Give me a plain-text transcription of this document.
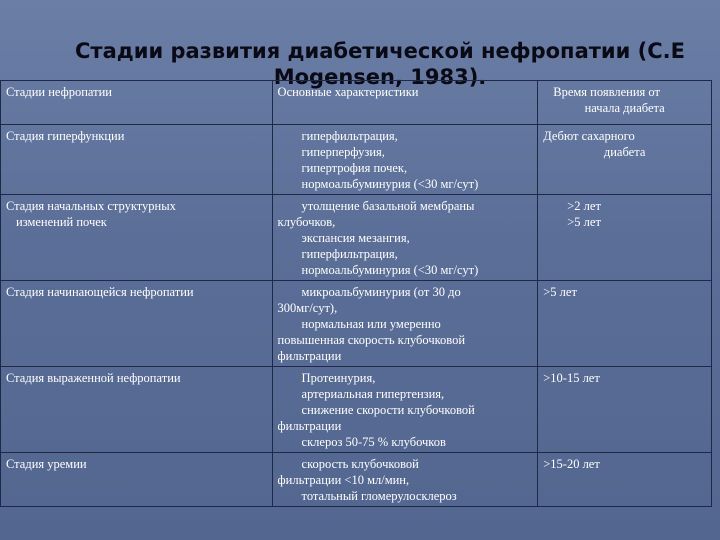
Стадии развития диабетической нефропатии (C.E Mogensen, 1983).
Стадии нефропатии	Основные характеристики	Время появления от
начала диабета

Стадия гиперфункции	гиперфильтрация,
гиперперфузия,
гипертрофия почек,
нормоальбуминурия (<30 мг/сут)	Дебют сахарного
диабета

Стадия начальных структурных
изменений почек	утолщение базальной мембраны
клубочков,
экспансия мезангия,
гиперфильтрация,
нормоальбуминурия (<30 мг/сут)	>2 лет
>5 лет

Стадия начинающейся нефропатии	микроальбуминурия (от 30 до
300мг/сут),
нормальная или умеренно
повышенная скорость клубочковой
фильтрации	>5 лет

Стадия выраженной нефропатии	Протеинурия,
артериальная гипертензия,
снижение скорости клубочковой
фильтрации
склероз 50-75 % клубочков	>10-15 лет

Стадия уремии	скорость клубочковой
фильтрации <10 мл/мин,
тотальный гломерулосклероз	>15-20 лет
